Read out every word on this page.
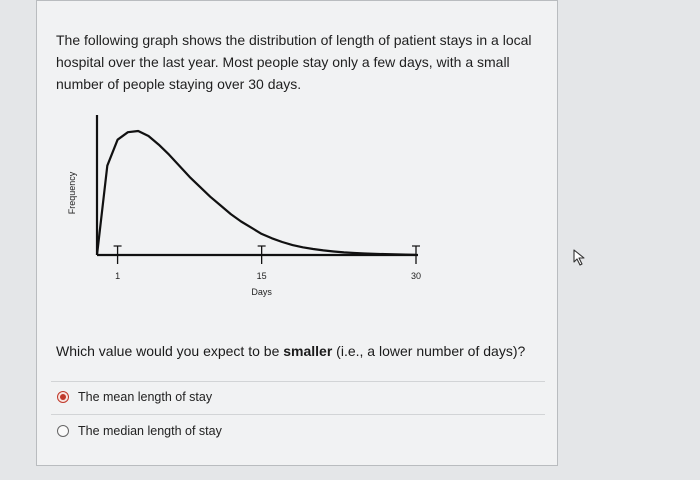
The following graph shows the distribution of length of patient stays in a local hospital over the last year. Most people stay only a few days, with a small number of people staying over 30 days.

1	15	30
Frequency
Days

Which value would you expect to be smaller (i.e., a lower number of days)?

The mean length of stay
The median length of stay
